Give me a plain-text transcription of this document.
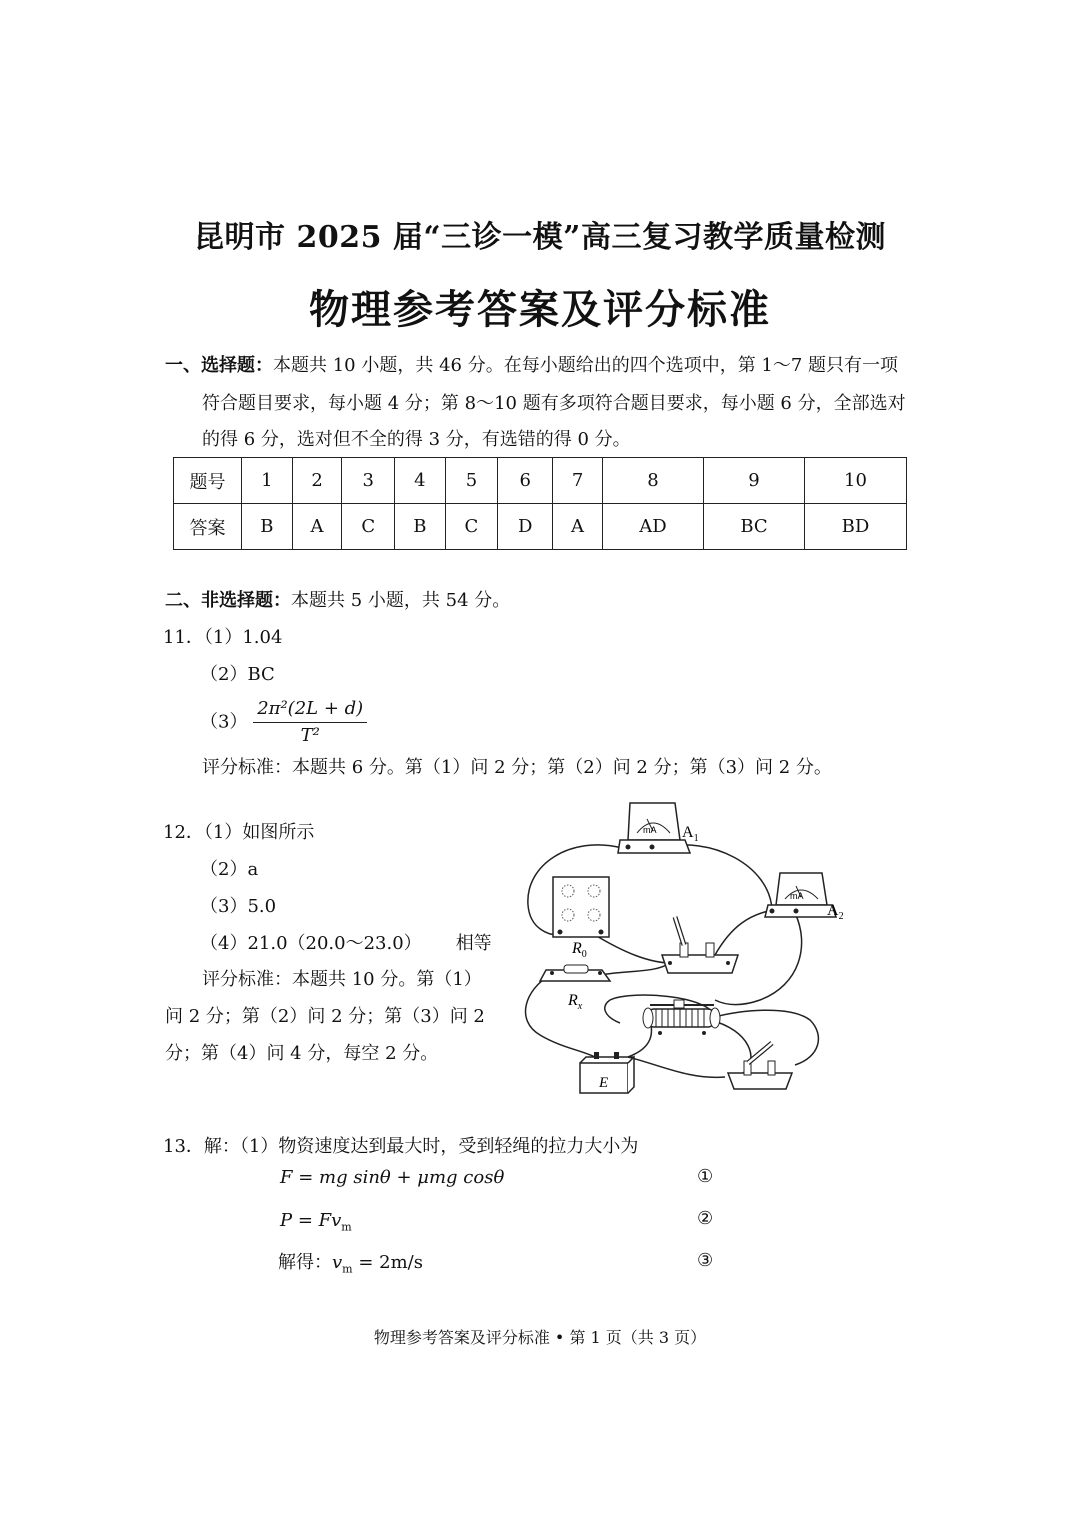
昆明市 2025 届“三诊一模”高三复习教学质量检测
物理参考答案及评分标准
一、选择题：本题共 10 小题，共 46 分。在每小题给出的四个选项中，第 1～7 题只有一项
符合题目要求，每小题 4 分；第 8～10 题有多项符合题目要求，每小题 6 分，全部选对
的得 6 分，选对但不全的得 3 分，有选错的得 0 分。
题号	1	2	3	4	5	6	7	8	9	10
答案	B	A	C	B	C	D	A	AD	BC	BD
二、非选择题：本题共 5 小题，共 54 分。
11．（1）1.04
（2）BC
$(3) \frac{\text{2π²(2L + d)}}{\text{T²}}$
评分标准：本题共 6 分。第（1）问 2 分；第（2）问 2 分；第（3）问 2 分。
12．（1）如图所示
（2）a
（3）5.0
（4）21.0（20.0～23.0） 相等
评分标准：本题共 10 分。第（1）
问 2 分；第（2）问 2 分；第（3）问 2
分；第（4）问 4 分，每空 2 分。
mA $A_1$
mA
$A_2$
$R_0$
$R_x$
E
13．解：（1）物资速度达到最大时，受到轻绳的拉力大小为
F = mg sinθ + μmg cosθ	①
$P = Fv_m$	②
解得：$v_m = 2m/s$	③
物理参考答案及评分标准 • 第 1 页（共 3 页）
